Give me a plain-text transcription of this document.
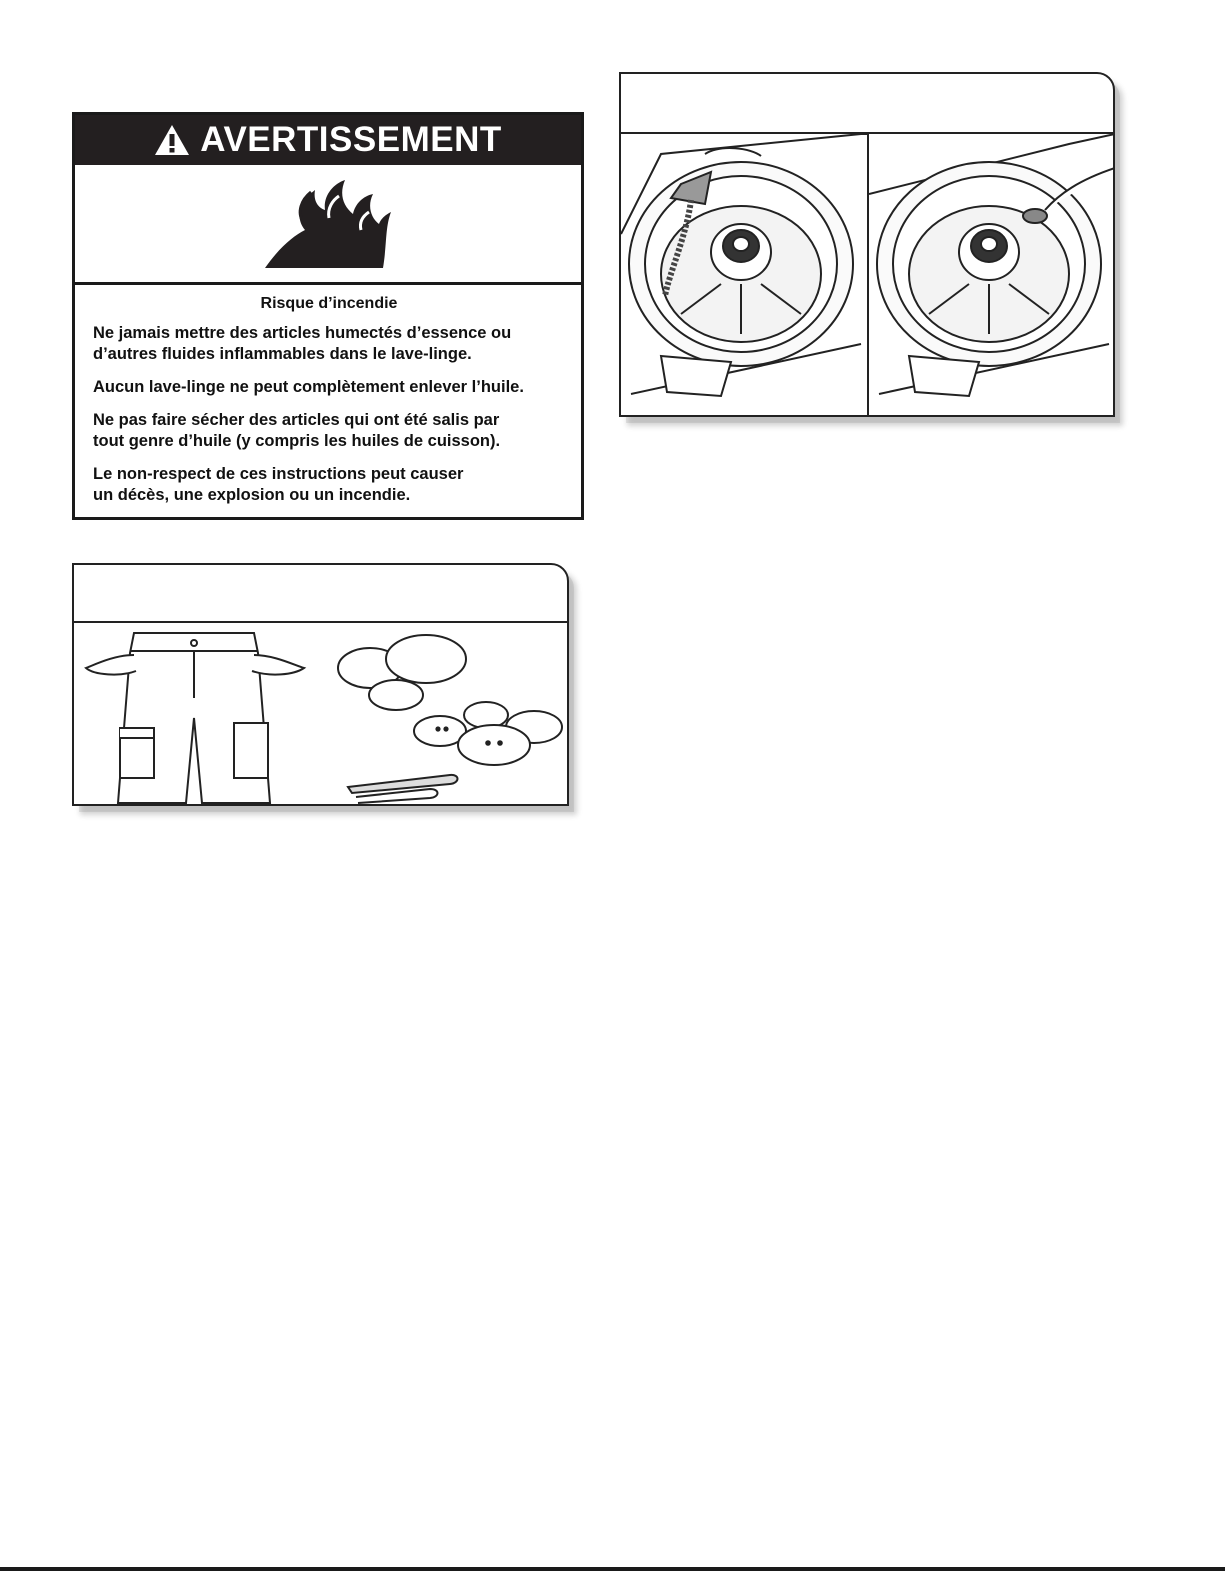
AVERTISSEMENT
Risque d’incendie

Ne jamais mettre des articles humectés d’essence ou
d’autres fluides inflammables dans le lave-linge.

Aucun lave-linge ne peut complètement enlever l’huile.

Ne pas faire sécher des articles qui ont été salis par
tout genre d’huile (y compris les huiles de cuisson).

Le non-respect de ces instructions peut causer
un décès, une explosion ou un incendie.
